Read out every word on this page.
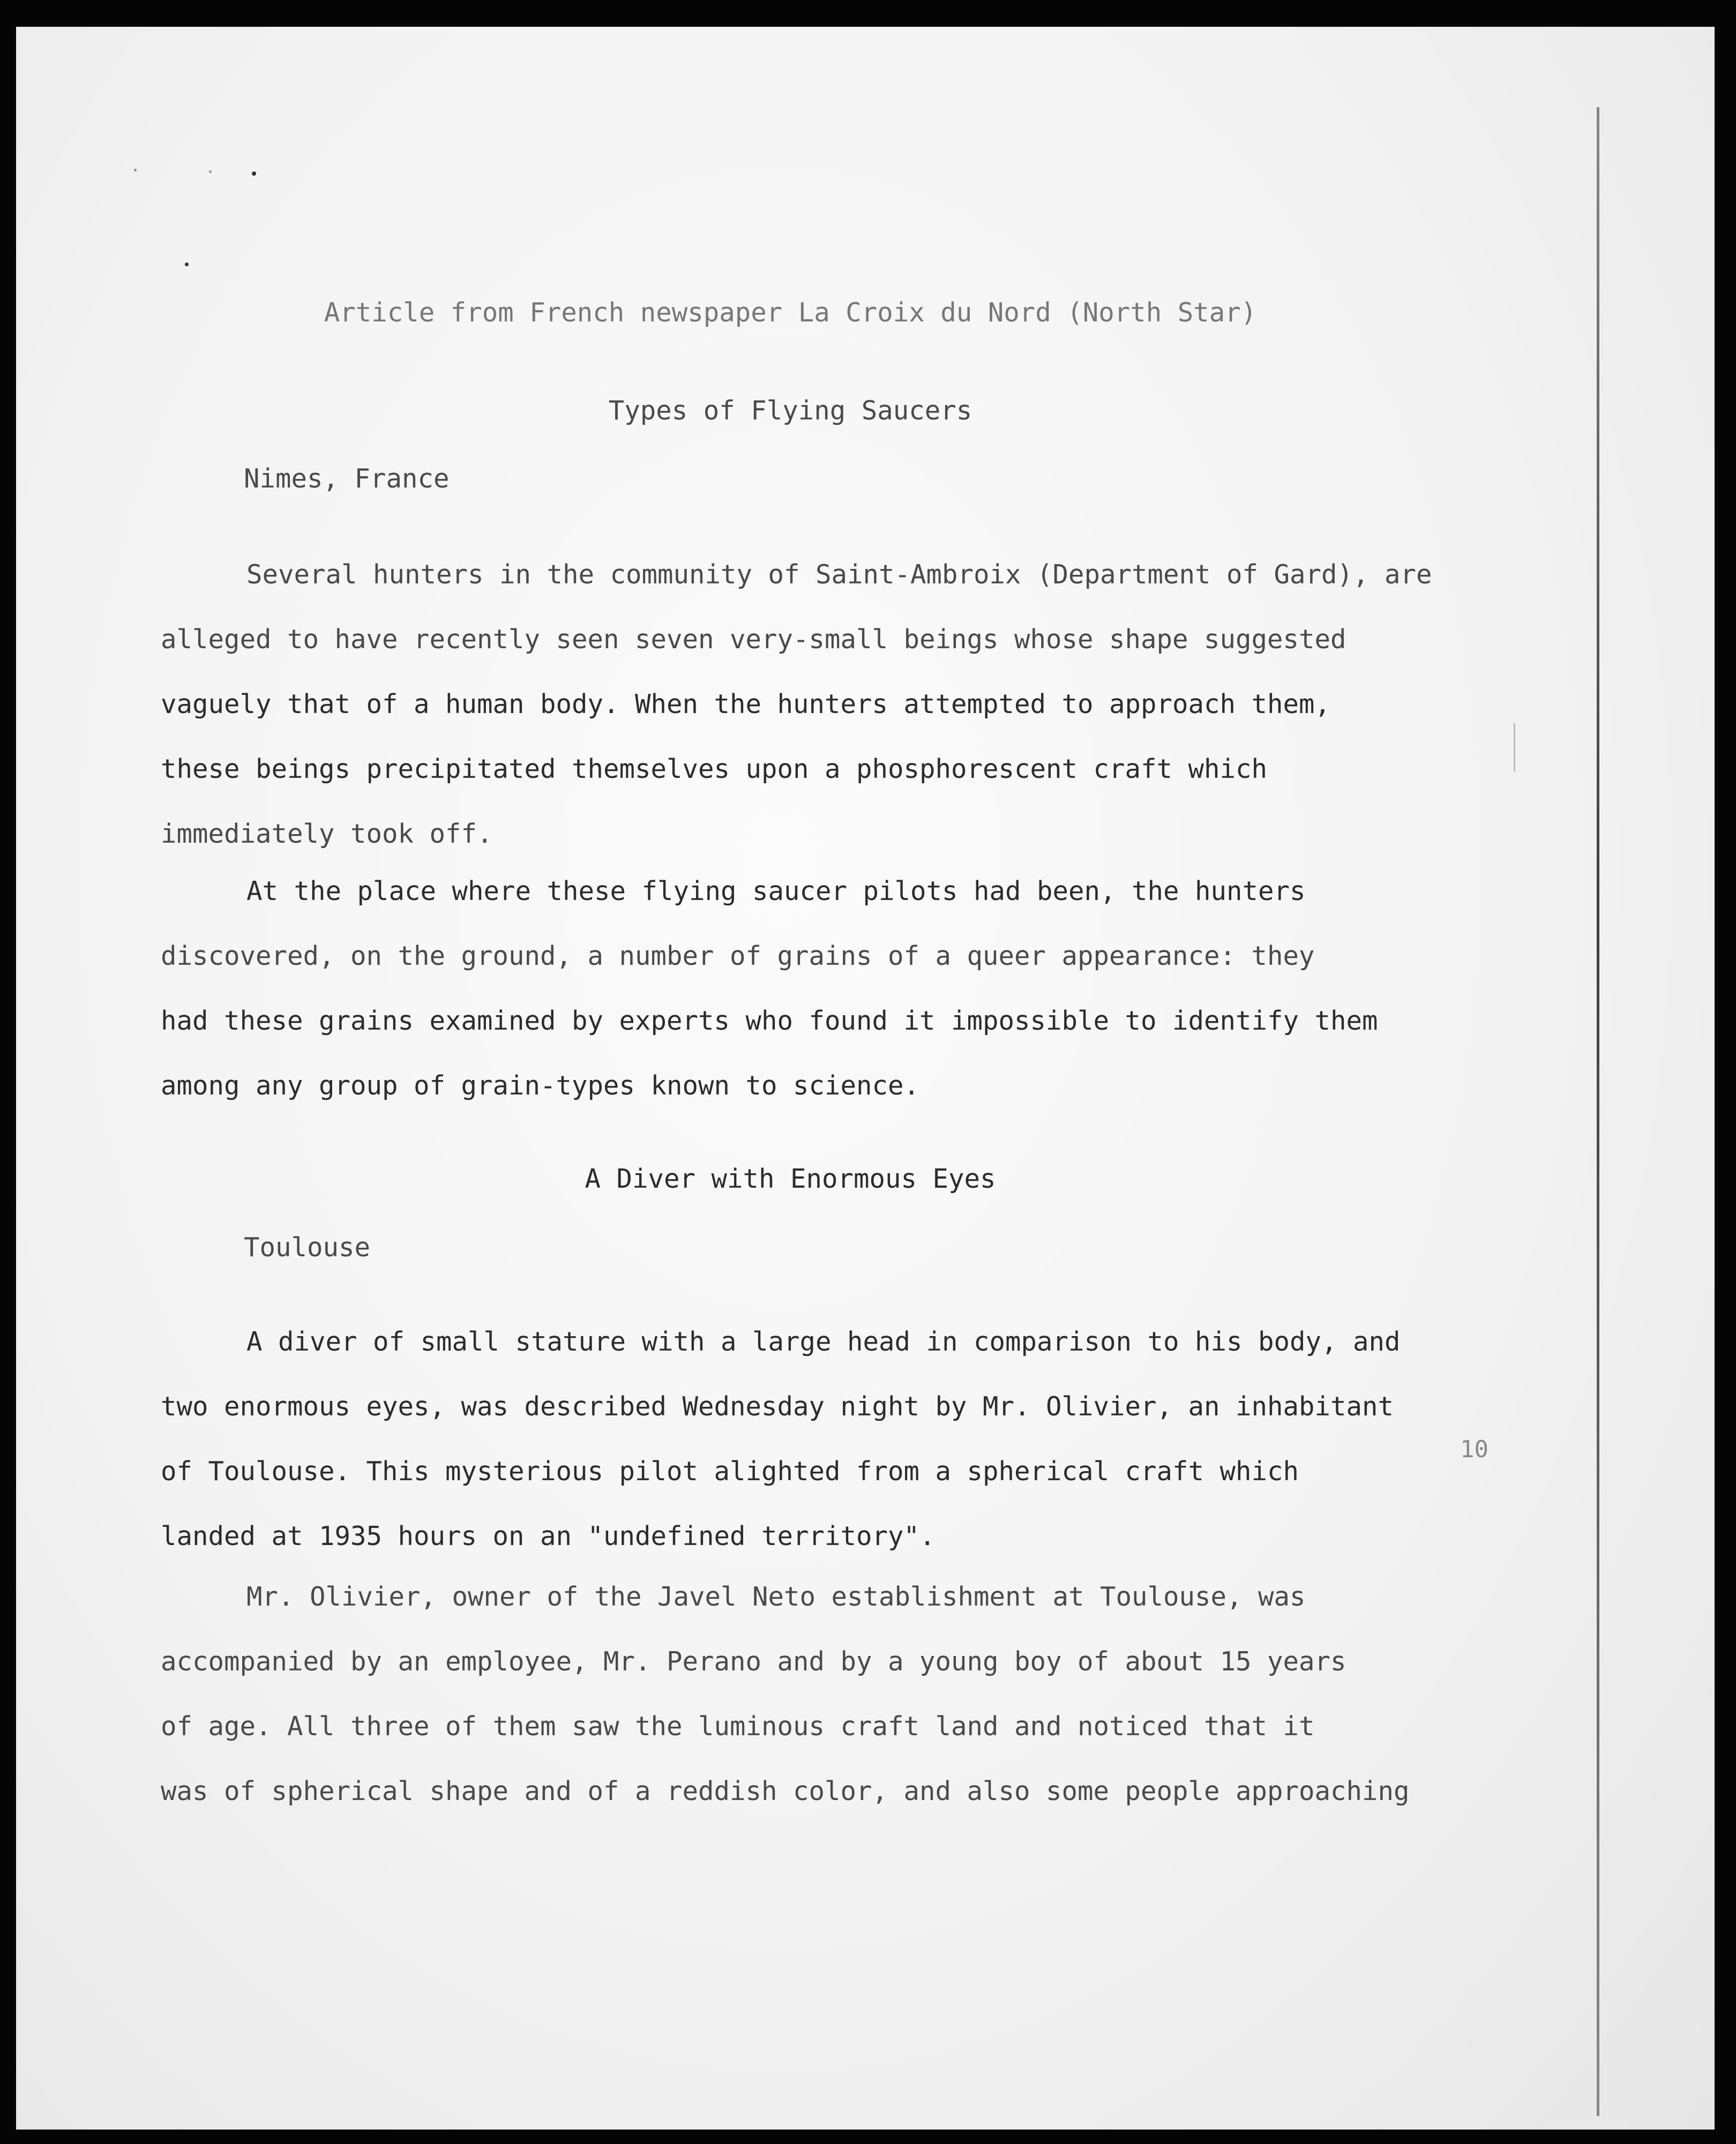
Article from French newspaper La Croix du Nord (North Star)
Types of Flying Saucers
Nimes, France
Several hunters in the community of Saint-Ambroix (Department of Gard), are
alleged to have recently seen seven very-small beings whose shape suggested
vaguely that of a human body. When the hunters attempted to approach them,
these beings precipitated themselves upon a phosphorescent craft which
immediately took off.
At the place where these flying saucer pilots had been, the hunters
discovered, on the ground, a number of grains of a queer appearance: they
had these grains examined by experts who found it impossible to identify them
among any group of grain-types known to science.
A Diver with Enormous Eyes
Toulouse
A diver of small stature with a large head in comparison to his body, and
two enormous eyes, was described Wednesday night by Mr. Olivier, an inhabitant
of Toulouse. This mysterious pilot alighted from a spherical craft which
landed at 1935 hours on an "undefined territory".
Mr. Olivier, owner of the Javel Neto establishment at Toulouse, was
accompanied by an employee, Mr. Perano and by a young boy of about 15 years
of age. All three of them saw the luminous craft land and noticed that it
was of spherical shape and of a reddish color, and also some people approaching
10
